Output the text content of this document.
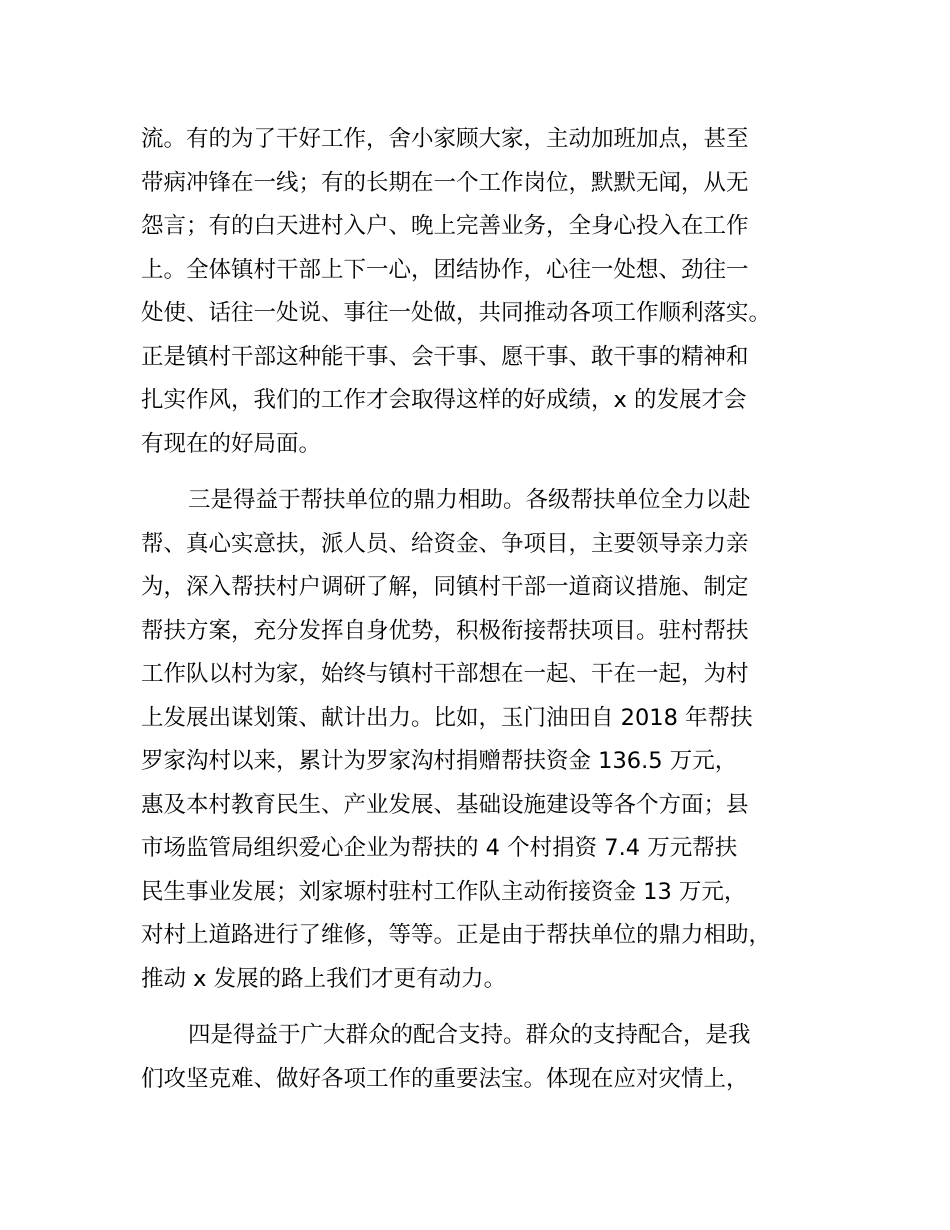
流。有的为了干好工作，舍小家顾大家，主动加班加点，甚至
带病冲锋在一线；有的长期在一个工作岗位，默默无闻，从无
怨言；有的白天进村入户、晚上完善业务，全身心投入在工作
上。全体镇村干部上下一心，团结协作，心往一处想、劲往一
处使、话往一处说、事往一处做，共同推动各项工作顺利落实。
正是镇村干部这种能干事、会干事、愿干事、敢干事的精神和
扎实作风，我们的工作才会取得这样的好成绩，x 的发展才会
有现在的好局面。
三是得益于帮扶单位的鼎力相助。各级帮扶单位全力以赴
帮、真心实意扶，派人员、给资金、争项目，主要领导亲力亲
为，深入帮扶村户调研了解，同镇村干部一道商议措施、制定
帮扶方案，充分发挥自身优势，积极衔接帮扶项目。驻村帮扶
工作队以村为家，始终与镇村干部想在一起、干在一起，为村
上发展出谋划策、献计出力。比如，玉门油田自 2018 年帮扶
罗家沟村以来，累计为罗家沟村捐赠帮扶资金 136.5 万元，
惠及本村教育民生、产业发展、基础设施建设等各个方面；县
市场监管局组织爱心企业为帮扶的 4 个村捐资 7.4 万元帮扶
民生事业发展；刘家塬村驻村工作队主动衔接资金 13 万元，
对村上道路进行了维修，等等。正是由于帮扶单位的鼎力相助，
推动 x 发展的路上我们才更有动力。
四是得益于广大群众的配合支持。群众的支持配合，是我
们攻坚克难、做好各项工作的重要法宝。体现在应对灾情上，
